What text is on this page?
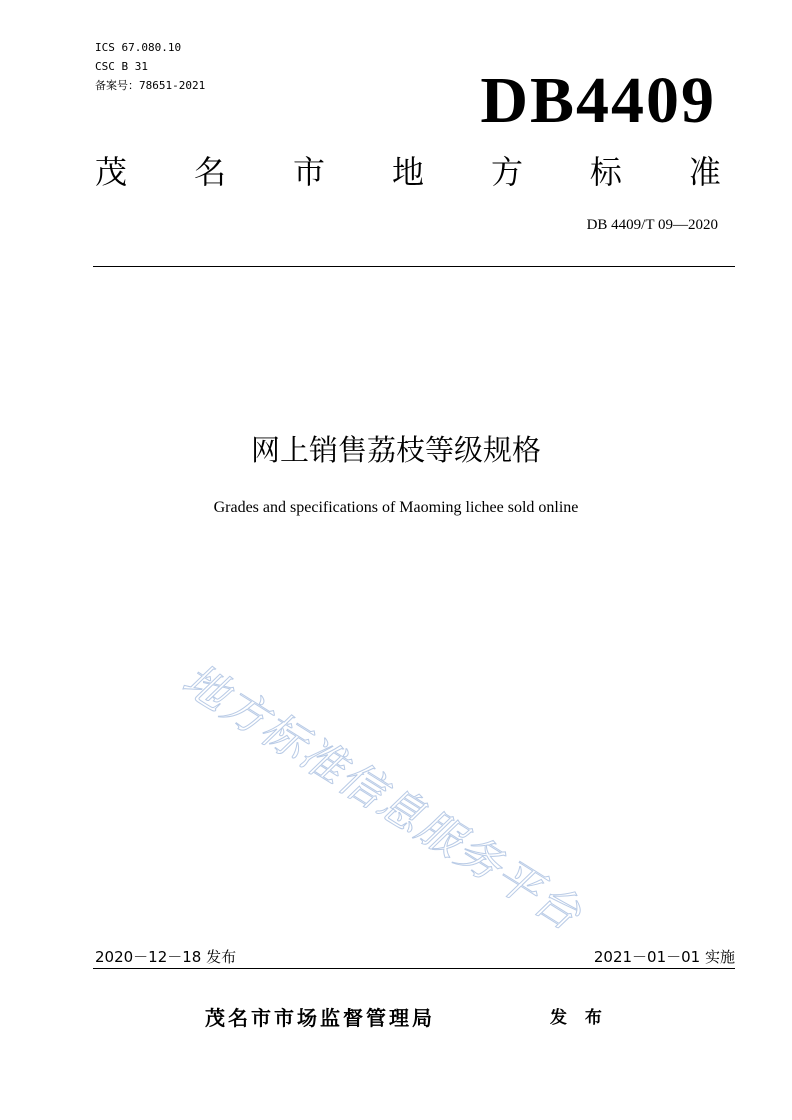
ICS 67.080.10
CSC B 31
备案号：78651-2021	DB4409
茂 名 市 地 方 标 准
DB 4409/T 09—2020
网上销售荔枝等级规格
Grades and specifications of Maoming lichee sold online
地方标准信息服务平台
2020－12－18 发布	2021－01－01 实施
茂名市市场监督管理局	发 布
